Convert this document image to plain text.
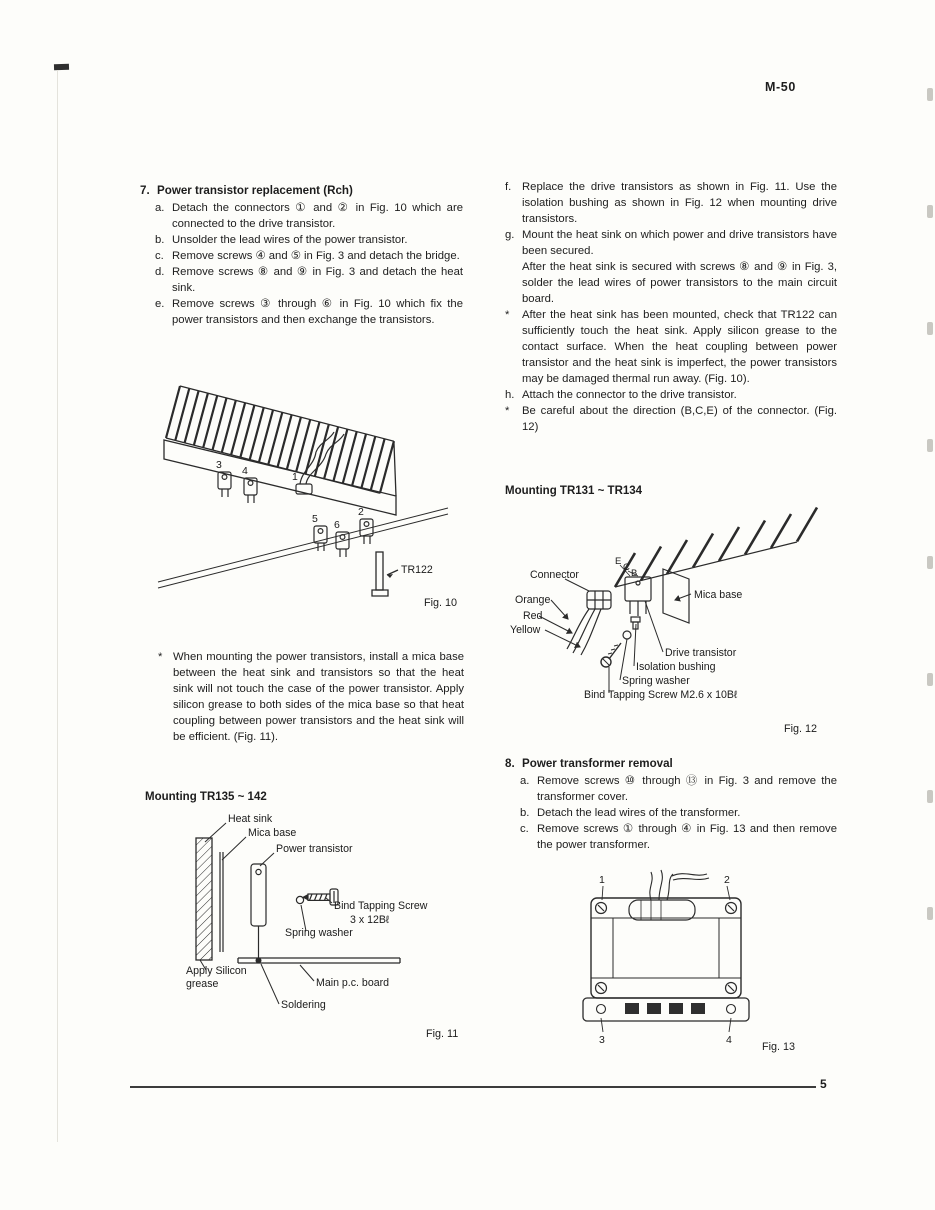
M-50
7. Power transistor replacement (Rch)
a. Detach the connectors ① and ② in Fig. 10 which are connected to the drive transistor.
b. Unsolder the lead wires of the power transistor.
c. Remove screws ④ and ⑤ in Fig. 3 and detach the bridge.
d. Remove screws ⑧ and ⑨ in Fig. 3 and detach the heat sink.
e. Remove screws ③ through ⑥ in Fig. 10 which fix the power transistors and then exchange the transistors.
3 4	1
5 6
2
TR122
Fig. 10
* When mounting the power transistors, install a mica base between the heat sink and transistors so that the heat sink will not touch the case of the power transistor. Apply silicon grease to both sides of the mica base so that heat coupling between power transistors and the heat sink will be efficient. (Fig. 11).
Mounting TR135 ~ 142
Heat sink
Mica base
Power transistor
Bind Tapping Screw
3 x 12Bℓ
Spring washer
Apply Silicon
grease	Main p.c. board
Soldering
Fig. 11
f. Replace the drive transistors as shown in Fig. 11. Use the isolation bushing as shown in Fig. 12 when mounting drive transistors.
g. Mount the heat sink on which power and drive transistors have been secured.
After the heat sink is secured with screws ⑧ and ⑨ in Fig. 3, solder the lead wires of power transistors to the main circuit board.
*	After the heat sink has been mounted, check that TR122 can sufficiently touch the heat sink. Apply silicon grease to the contact surface. When the heat coupling between power transistor and the heat sink is imperfect, the power transistors may be damaged thermal run away. (Fig. 10).
h. Attach the connector to the drive transistor.
*	Be careful about the direction (B,C,E) of the connector. (Fig. 12)
Mounting TR131 ~ TR134
Connector
Orange
Red
Yellow
E
C
B
Mica base
Drive transistor
Isolation bushing
Spring washer
Bind Tapping Screw M2.6 x 10Bℓ
Fig. 12
8. Power transformer removal
a. Remove screws ⑩ through ⑬ in Fig. 3 and remove the transformer cover.
b. Detach the lead wires of the transformer.
c. Remove screws ① through ④ in Fig. 13 and then remove the power transformer.
1	2
3	4
Fig. 13
5
